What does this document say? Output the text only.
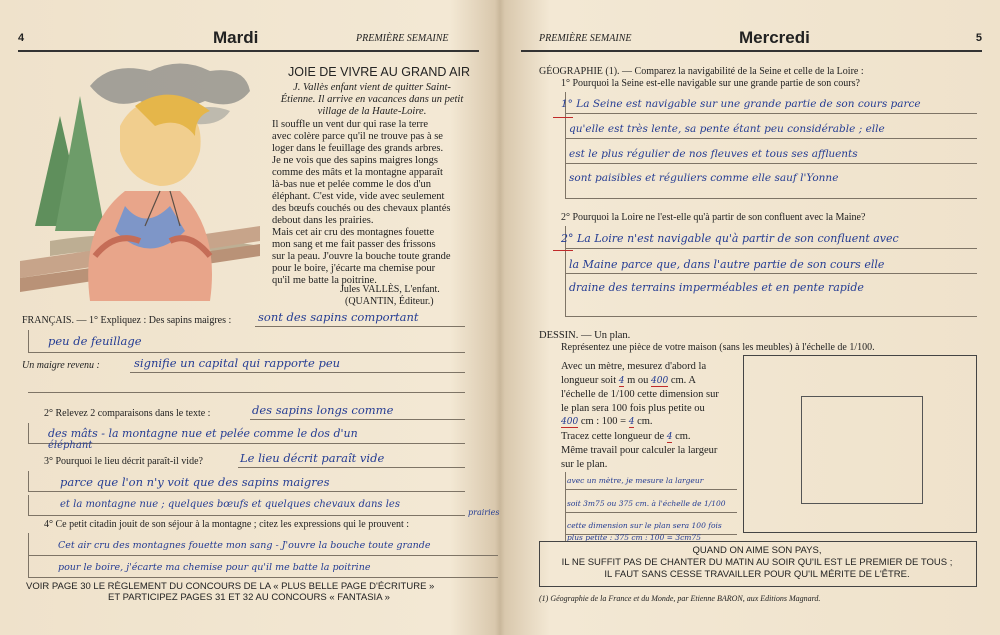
4	Mardi	PREMIÈRE SEMAINE
JOIE DE VIVRE AU GRAND AIR
J. Vallès enfant vient de quitter Saint-
Étienne. Il arrive en vacances dans un petit
village de la Haute-Loire.
Il souffle un vent dur qui rase la terre
avec colère parce qu'il ne trouve pas à se
loger dans le feuillage des grands arbres.
Je ne vois que des sapins maigres longs
comme des mâts et la montagne apparaît
là-bas nue et pelée comme le dos d'un
éléphant. C'est vide, vide avec seulement
des bœufs couchés ou des chevaux plantés
debout dans les prairies.
Mais cet air cru des montagnes fouette
mon sang et me fait passer des frissons
sur la peau. J'ouvre la bouche toute grande
pour le boire, j'écarte ma chemise pour
qu'il me batte la poitrine.
Jules VALLÈS, L'enfant.
(QUANTIN, Éditeur.)
FRANÇAIS. — 1° Expliquez : Des sapins maigres : sont des sapins comportant
peu de feuillage
Un maigre revenu :	signifie un capital qui rapporte peu
2° Relevez 2 comparaisons dans le texte :	des sapins longs comme
des mâts - la montagne nue et pelée comme le dos d'un
éléphant
3° Pourquoi le lieu décrit paraît-il vide?	Le lieu décrit paraît vide
parce que l'on n'y voit que des sapins maigres
et la montagne nue ; quelques bœufs et quelques chevaux dans les
prairies
4° Ce petit citadin jouit de son séjour à la montagne ; citez les expressions qui le prouvent :
Cet air cru des montagnes fouette mon sang - J'ouvre la bouche toute grande
pour le boire, j'écarte ma chemise pour qu'il me batte la poitrine
VOIR PAGE 30 LE RÈGLEMENT DU CONCOURS DE LA « PLUS BELLE PAGE D'ÉCRITURE »
ET PARTICIPEZ PAGES 31 ET 32 AU CONCOURS « FANTASIA »
PREMIÈRE SEMAINE	Mercredi	5
GÉOGRAPHIE (1). — Comparez la navigabilité de la Seine et celle de la Loire :
1° Pourquoi la Seine est-elle navigable sur une grande partie de son cours?
1° La Seine est navigable sur une grande partie de son cours parce
qu'elle est très lente, sa pente étant peu considérable ; elle
est le plus régulier de nos fleuves et tous ses affluents
sont paisibles et réguliers comme elle sauf l'Yonne
2° Pourquoi la Loire ne l'est-elle qu'à partir de son confluent avec la Maine?
2° La Loire n'est navigable qu'à partir de son confluent avec
la Maine parce que, dans l'autre partie de son cours elle
draine des terrains imperméables et en pente rapide
DESSIN. — Un plan.
Représentez une pièce de votre maison (sans les meubles) à l'échelle de 1/100.
Avec un mètre, mesurez d'abord la
longueur soit 4 m ou 400 cm. A
l'échelle de 1/100 cette dimension sur
le plan sera 100 fois plus petite ou
400 cm : 100 = 4 cm.
Tracez cette longueur de 4 cm.
Même travail pour calculer la largeur
sur le plan.
avec un mètre, je mesure la largeur
soit 3m75 ou 375 cm. à l'échelle de 1/100
cette dimension sur le plan sera 100 fois
plus petite : 375 cm : 100 = 3cm75
QUAND ON AIME SON PAYS,
IL NE SUFFIT PAS DE CHANTER DU MATIN AU SOIR QU'IL EST LE PREMIER DE TOUS ;
IL FAUT SANS CESSE TRAVAILLER POUR QU'IL MÉRITE DE L'ÊTRE.
(1) Géographie de la France et du Monde, par Etienne BARON, aux Editions Magnard.
